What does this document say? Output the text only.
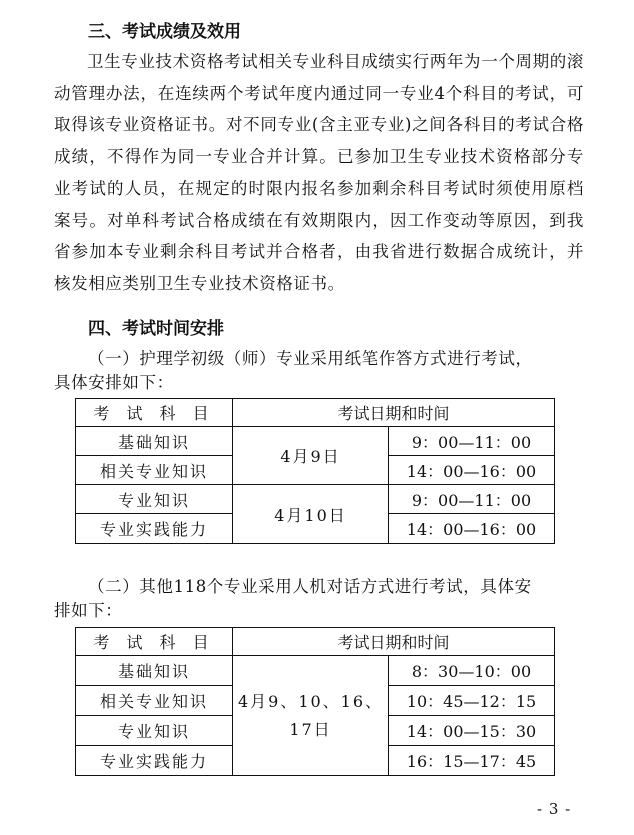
三、考试成绩及效用

卫生专业技术资格考试相关专业科目成绩实行两年为一个周期的滚动管理办法，在连续两个考试年度内通过同一专业4个科目的考试，可取得该专业资格证书。对不同专业(含主亚专业)之间各科目的考试合格成绩，不得作为同一专业合并计算。已参加卫生专业技术资格部分专业考试的人员，在规定的时限内报名参加剩余科目考试时须使用原档案号。对单科考试合格成绩在有效期限内，因工作变动等原因，到我省参加本专业剩余科目考试并合格者，由我省进行数据合成统计，并核发相应类别卫生专业技术资格证书。

四、考试时间安排
（一）护理学初级（师）专业采用纸笔作答方式进行考试，
具体安排如下：
考 试 科 目	考试日期和时间	
基础知识	4月9日	9：00—11：00
相关专业知识		14：00—16：00
专业知识	4月10日	9：00—11：00
专业实践能力		14：00—16：00
（二）其他118个专业采用人机对话方式进行考试，具体安
排如下：
考 试 科 目	考试日期和时间	
基础知识	4月9、10、16、
17日	8：30—10：00
相关专业知识		10：45—12：15
专业知识		14：00—15：30
专业实践能力		16：15—17：45
- 3 -
